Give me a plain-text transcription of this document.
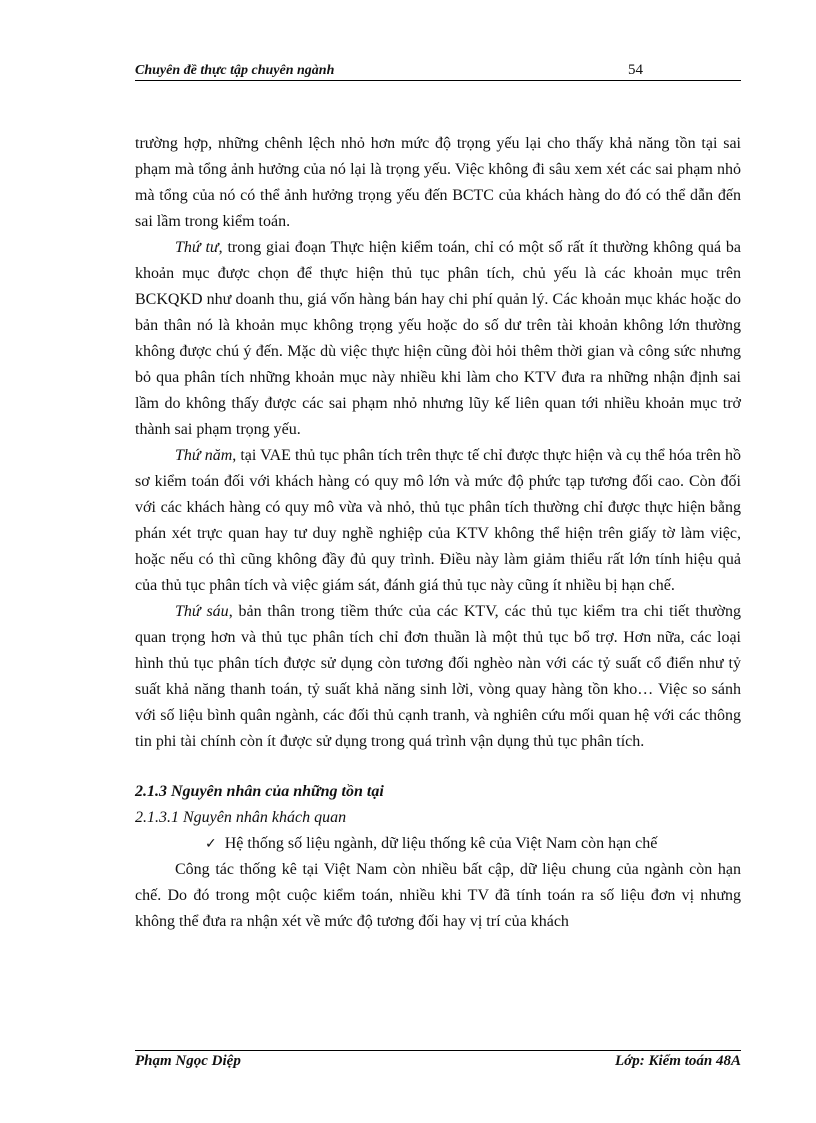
Chuyên đề thực tập chuyên ngành	54

trường hợp, những chênh lệch nhỏ hơn mức độ trọng yếu lại cho thấy khả năng tồn tại sai phạm mà tổng ảnh hưởng của nó lại là trọng yếu. Việc không đi sâu xem xét các sai phạm nhỏ mà tổng của nó có thể ảnh hưởng trọng yếu đến BCTC của khách hàng do đó có thể dẫn đến sai lầm trong kiểm toán.

Thứ tư, trong giai đoạn Thực hiện kiểm toán, chỉ có một số rất ít thường không quá ba khoản mục được chọn để thực hiện thủ tục phân tích, chủ yếu là các khoản mục trên BCKQKD như doanh thu, giá vốn hàng bán hay chi phí quản lý. Các khoản mục khác hoặc do bản thân nó là khoản mục không trọng yếu hoặc do số dư trên tài khoản không lớn thường không được chú ý đến. Mặc dù việc thực hiện cũng đòi hỏi thêm thời gian và công sức nhưng bỏ qua phân tích những khoản mục này nhiều khi làm cho KTV đưa ra những nhận định sai lầm do không thấy được các sai phạm nhỏ nhưng lũy kế liên quan tới nhiều khoản mục trở thành sai phạm trọng yếu.

Thứ năm, tại VAE thủ tục phân tích trên thực tế chỉ được thực hiện và cụ thể hóa trên hồ sơ kiểm toán đối với khách hàng có quy mô lớn và mức độ phức tạp tương đối cao. Còn đối với các khách hàng có quy mô vừa và nhỏ, thủ tục phân tích thường chỉ được thực hiện bằng phán xét trực quan hay tư duy nghề nghiệp của KTV không thể hiện trên giấy tờ làm việc, hoặc nếu có thì cũng không đầy đủ quy trình. Điều này làm giảm thiểu rất lớn tính hiệu quả của thủ tục phân tích và việc giám sát, đánh giá thủ tục này cũng ít nhiều bị hạn chế.

Thứ sáu, bản thân trong tiềm thức của các KTV, các thủ tục kiểm tra chi tiết thường quan trọng hơn và thủ tục phân tích chỉ đơn thuần là một thủ tục bổ trợ. Hơn nữa, các loại hình thủ tục phân tích được sử dụng còn tương đối nghèo nàn với các tỷ suất cổ điển như tỷ suất khả năng thanh toán, tỷ suất khả năng sinh lời, vòng quay hàng tồn kho… Việc so sánh với số liệu bình quân ngành, các đối thủ cạnh tranh, và nghiên cứu mối quan hệ với các thông tin phi tài chính còn ít được sử dụng trong quá trình vận dụng thủ tục phân tích.

2.1.3 Nguyên nhân của những tồn tại

2.1.3.1 Nguyên nhân khách quan

✓ Hệ thống số liệu ngành, dữ liệu thống kê của Việt Nam còn hạn chế

Công tác thống kê tại Việt Nam còn nhiều bất cập, dữ liệu chung của ngành còn hạn chế. Do đó trong một cuộc kiểm toán, nhiều khi TV đã tính toán ra số liệu đơn vị nhưng không thể đưa ra nhận xét về mức độ tương đối hay vị trí của khách

Phạm Ngọc Diệp	Lớp: Kiểm toán 48A
